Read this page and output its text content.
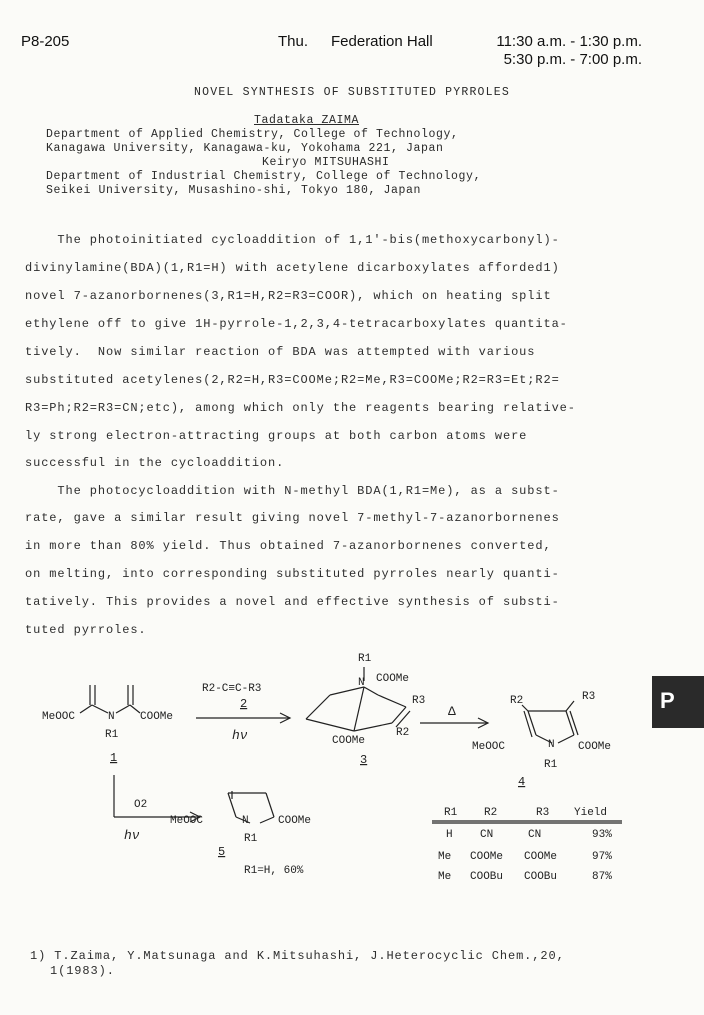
P8-205	Thu. Federation Hall	11:30 a.m. - 1:30 p.m.
5:30 p.m. - 7:00 p.m.
NOVEL SYNTHESIS OF SUBSTITUTED PYRROLES
Tadataka ZAIMA
Department of Applied Chemistry, College of Technology,
Kanagawa University, Kanagawa-ku, Yokohama 221, Japan
Keiryo MITSUHASHI
Department of Industrial Chemistry, College of Technology,
Seikei University, Musashino-shi, Tokyo 180, Japan
The photoinitiated cycloaddition of 1,1'-bis(methoxycarbonyl)-
divinylamine(BDA)(1,R1=H) with acetylene dicarboxylates afforded1)
novel 7-azanorbornenes(3,R1=H,R2=R3=COOR), which on heating split
ethylene off to give 1H-pyrrole-1,2,3,4-tetracarboxylates quantita-
tively.  Now similar reaction of BDA was attempted with various
substituted acetylenes(2,R2=H,R3=COOMe;R2=Me,R3=COOMe;R2=R3=Et;R2=
R3=Ph;R2=R3=CN;etc), among which only the reagents bearing relative-
ly strong electron-attracting groups at both carbon atoms were
successful in the cycloaddition.
The photocycloaddition with N-methyl BDA(1,R1=Me), as a subst-
rate, gave a similar result giving novel 7-methyl-7-azanorbornenes
in more than 80% yield. Thus obtained 7-azanorbornenes converted,
on melting, into corresponding substituted pyrroles nearly quanti-
tatively. This provides a novel and effective synthesis of substi-
tuted pyrroles.
MeOOC	N COOMe
R1
1
R2-C≡C-R3
2
hν
R1
N COOMe
R3
R2
COOMe
3
Δ
R2	R3
MeOOC	N COOMe
R1
4
O2
hν
MeOOC	N	COOMe
R1
5
R1=H, 60%
R1 R2	R3 Yield
H CN	CN	93%
Me COOMe COOMe	97%
Me COOBu COOBu	87%
P
1) T.Zaima, Y.Matsunaga and K.Mitsuhashi, J.Heterocyclic Chem.,20,
1(1983).
